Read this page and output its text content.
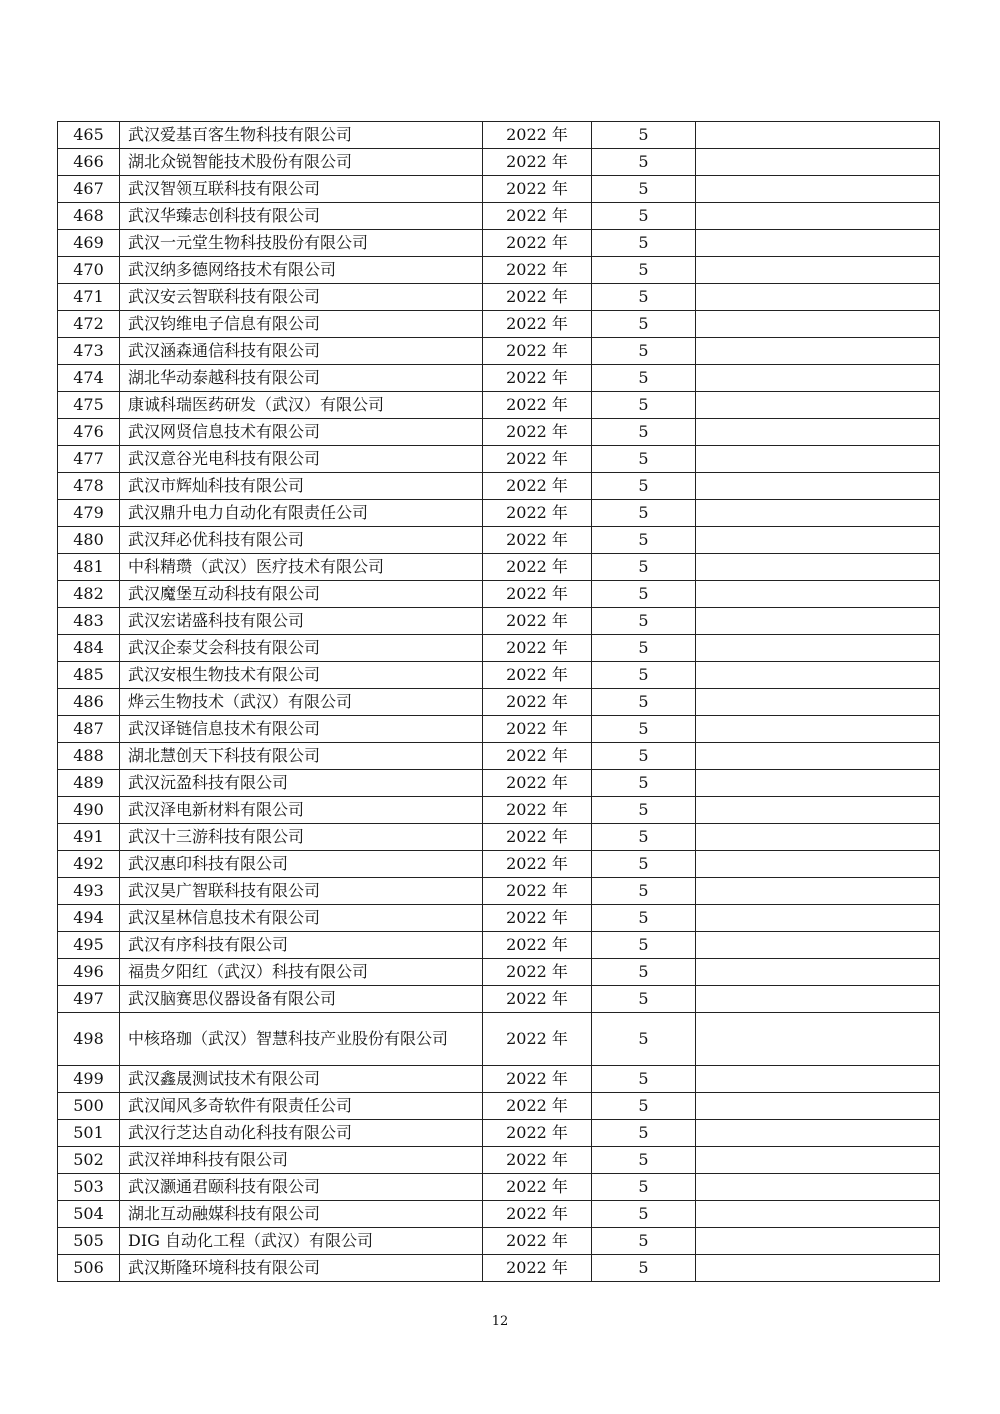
465	武汉爱基百客生物科技有限公司	2022 年	5	
466	湖北众锐智能技术股份有限公司	2022 年	5	
467	武汉智领互联科技有限公司	2022 年	5	
468	武汉华臻志创科技有限公司	2022 年	5	
469	武汉一元堂生物科技股份有限公司	2022 年	5	
470	武汉纳多德网络技术有限公司	2022 年	5	
471	武汉安云智联科技有限公司	2022 年	5	
472	武汉钧维电子信息有限公司	2022 年	5	
473	武汉涵森通信科技有限公司	2022 年	5	
474	湖北华动泰越科技有限公司	2022 年	5	
475	康诚科瑞医药研发（武汉）有限公司	2022 年	5	
476	武汉网贤信息技术有限公司	2022 年	5	
477	武汉意谷光电科技有限公司	2022 年	5	
478	武汉市辉灿科技有限公司	2022 年	5	
479	武汉鼎升电力自动化有限责任公司	2022 年	5	
480	武汉拜必优科技有限公司	2022 年	5	
481	中科精瓒（武汉）医疗技术有限公司	2022 年	5	
482	武汉魔堡互动科技有限公司	2022 年	5	
483	武汉宏诺盛科技有限公司	2022 年	5	
484	武汉企泰艾会科技有限公司	2022 年	5	
485	武汉安根生物技术有限公司	2022 年	5	
486	烨云生物技术（武汉）有限公司	2022 年	5	
487	武汉译链信息技术有限公司	2022 年	5	
488	湖北慧创天下科技有限公司	2022 年	5	
489	武汉沅盈科技有限公司	2022 年	5	
490	武汉泽电新材料有限公司	2022 年	5	
491	武汉十三游科技有限公司	2022 年	5	
492	武汉惠印科技有限公司	2022 年	5	
493	武汉昊广智联科技有限公司	2022 年	5	
494	武汉星林信息技术有限公司	2022 年	5	
495	武汉有序科技有限公司	2022 年	5	
496	福贵夕阳红（武汉）科技有限公司	2022 年	5	
497	武汉脑赛思仪器设备有限公司	2022 年	5	
498	中核珞珈（武汉）智慧科技产业股份有限公司	2022 年	5	
499	武汉鑫晟测试技术有限公司	2022 年	5	
500	武汉闻风多奇软件有限责任公司	2022 年	5	
501	武汉行芝达自动化科技有限公司	2022 年	5	
502	武汉祥坤科技有限公司	2022 年	5	
503	武汉灏通君颐科技有限公司	2022 年	5	
504	湖北互动融媒科技有限公司	2022 年	5	
505	DIG 自动化工程（武汉）有限公司	2022 年	5	
506	武汉斯隆环境科技有限公司	2022 年	5	
12
